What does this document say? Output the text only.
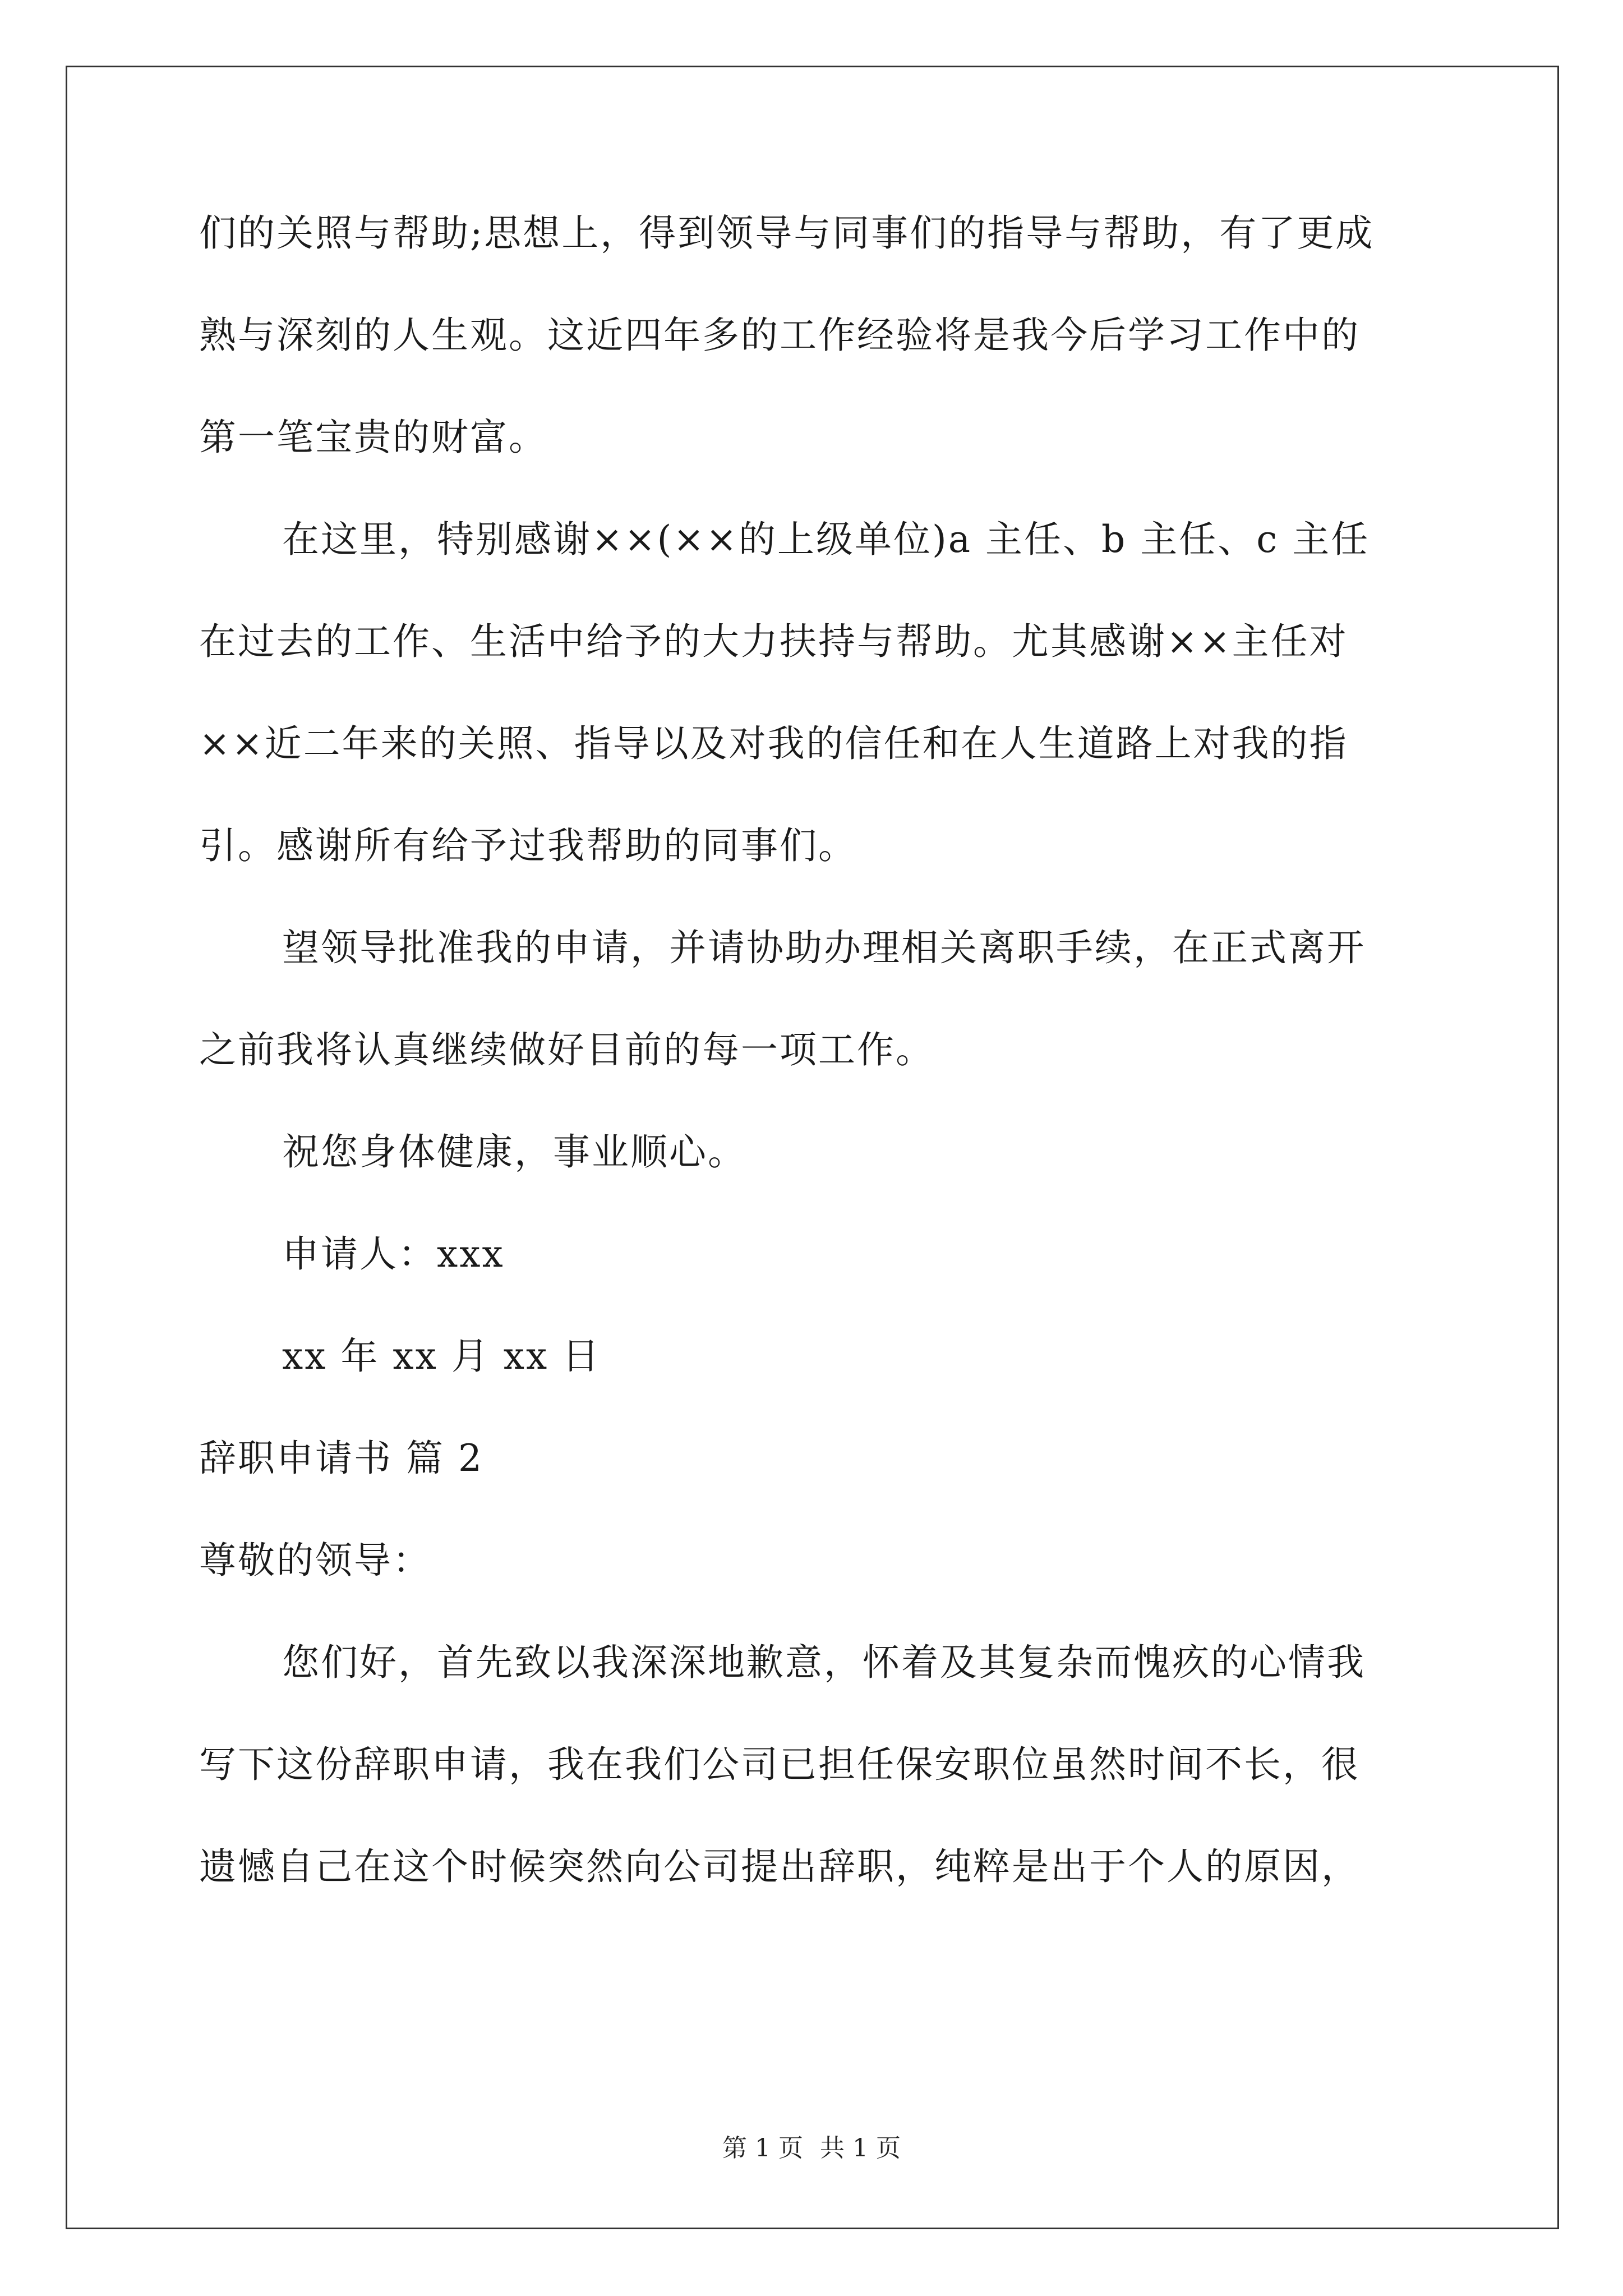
们的关照与帮助;思想上，得到领导与同事们的指导与帮助，有了更成

熟与深刻的人生观。这近四年多的工作经验将是我今后学习工作中的

第一笔宝贵的财富。

在这里，特别感谢××(××的上级单位)a 主任、b 主任、c 主任

在过去的工作、生活中给予的大力扶持与帮助。尤其感谢××主任对

××近二年来的关照、指导以及对我的信任和在人生道路上对我的指

引。感谢所有给予过我帮助的同事们。

望领导批准我的申请，并请协助办理相关离职手续，在正式离开

之前我将认真继续做好目前的每一项工作。

祝您身体健康，事业顺心。

申请人：xxx

xx 年 xx 月 xx 日

辞职申请书 篇 2

尊敬的领导：

您们好，首先致以我深深地歉意，怀着及其复杂而愧疚的心情我

写下这份辞职申请，我在我们公司已担任保安职位虽然时间不长，很

遗憾自己在这个时候突然向公司提出辞职，纯粹是出于个人的原因，

第 1 页 共 1 页
